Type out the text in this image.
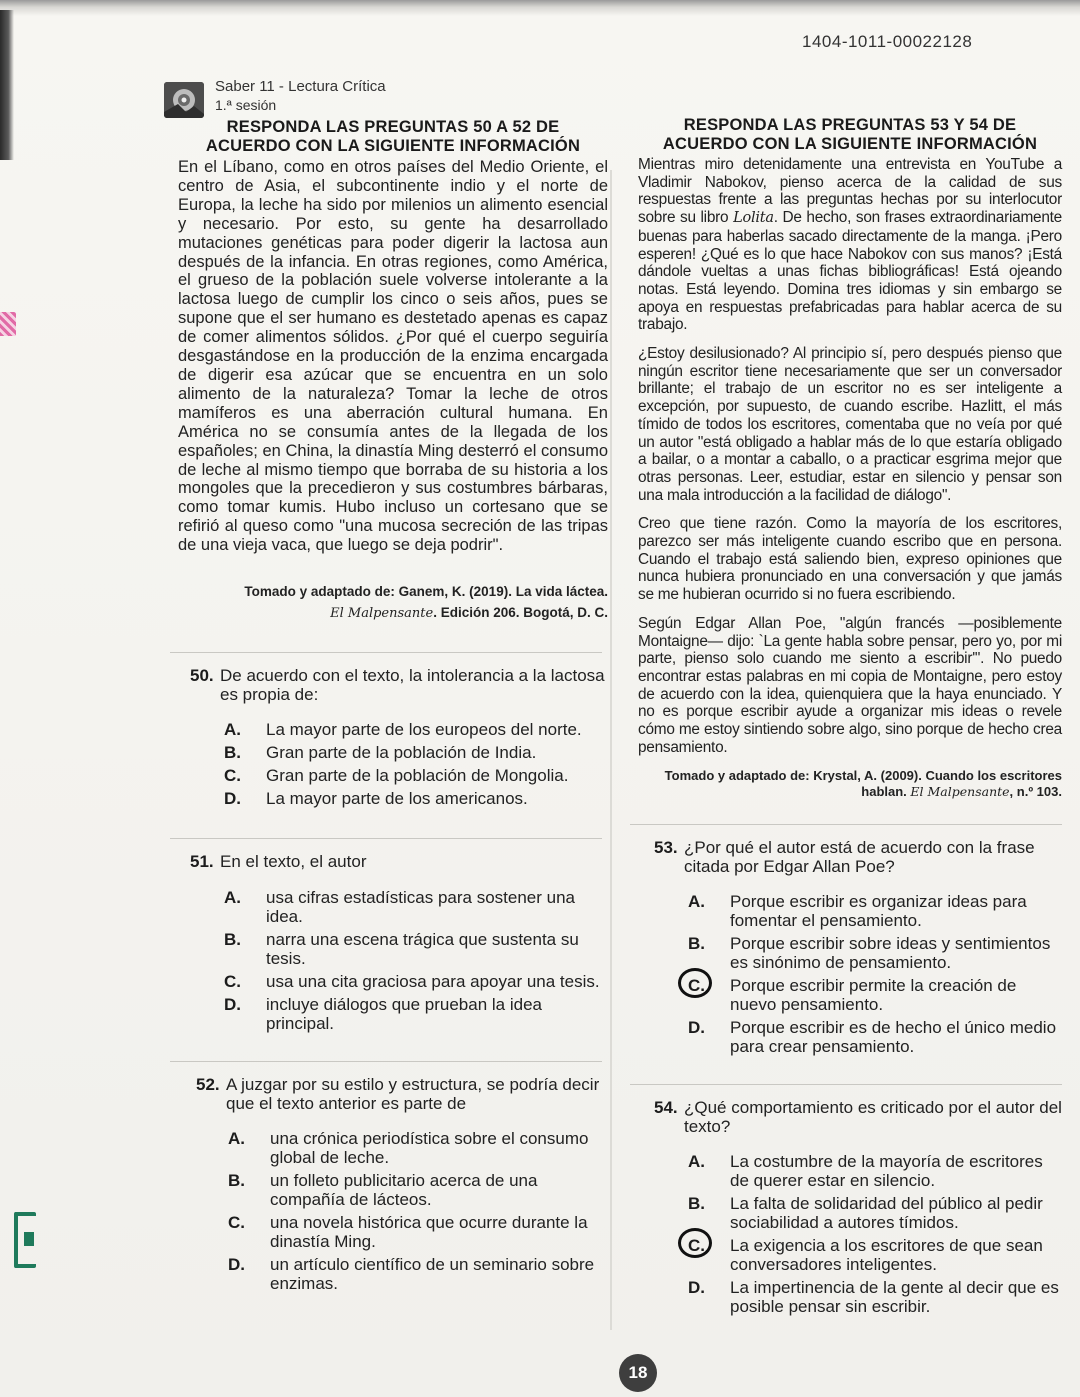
1404-1011-00022128
Saber 11 - Lectura Crítica
1.ª sesión
RESPONDA LAS PREGUNTAS 50 A 52 DE
ACUERDO CON LA SIGUIENTE INFORMACIÓN
En el Líbano, como en otros países del Medio Oriente, el centro de Asia, el subcontinente indio y el norte de Europa, la leche ha sido por milenios un alimento esencial y necesario. Por esto, su gente ha desarrollado mutaciones genéticas para poder digerir la lactosa aun después de la infancia. En otras regiones, como América, el grueso de la población suele volverse intolerante a la lactosa luego de cumplir los cinco o seis años, pues se supone que el ser humano es destetado apenas es capaz de comer alimentos sólidos. ¿Por qué el cuerpo seguiría desgastándose en la producción de la enzima encargada de digerir esa azúcar que se encuentra en un solo alimento de la naturaleza? Tomar la leche de otros mamíferos es una aberración cultural humana. En América no se consumía antes de la llegada de los españoles; en China, la dinastía Ming desterró el consumo de leche al mismo tiempo que borraba de su historia a los mongoles que la precedieron y sus costumbres bárbaras, como tomar kumis. Hubo incluso un cortesano que se refirió al queso como "una mucosa secreción de las tripas de una vieja vaca, que luego se deja podrir".
Tomado y adaptado de: Ganem, K. (2019). La vida láctea.
El Malpensante. Edición 206. Bogotá, D. C.
50. De acuerdo con el texto, la intolerancia a la lactosa es propia de:
A.	La mayor parte de los europeos del norte.
B.	Gran parte de la población de India.
C.	Gran parte de la población de Mongolia.
D.	La mayor parte de los americanos.
51. En el texto, el autor
A.	usa cifras estadísticas para sostener una idea.
B.	narra una escena trágica que sustenta su tesis.
C.	usa una cita graciosa para apoyar una tesis.
D.	incluye diálogos que prueban la idea principal.
52. A juzgar por su estilo y estructura, se podría decir que el texto anterior es parte de
A.	una crónica periodística sobre el consumo global de leche.
B.	un folleto publicitario acerca de una compañía de lácteos.
C.	una novela histórica que ocurre durante la dinastía Ming.
D.	un artículo científico de un seminario sobre enzimas.
RESPONDA LAS PREGUNTAS 53 Y 54 DE
ACUERDO CON LA SIGUIENTE INFORMACIÓN

Mientras miro detenidamente una entrevista en YouTube a Vladimir Nabokov, pienso acerca de la calidad de sus respuestas frente a las preguntas hechas por su interlocutor sobre su libro Lolita. De hecho, son frases extraordinariamente buenas para haberlas sacado directamente de la manga. ¡Pero esperen! ¿Qué es lo que hace Nabokov con sus manos? ¡Está dándole vueltas a unas fichas bibliográficas! Está ojeando notas. Está leyendo. Domina tres idiomas y sin embargo se apoya en respuestas prefabricadas para hablar acerca de su trabajo.

¿Estoy desilusionado? Al principio sí, pero después pienso que ningún escritor tiene necesariamente que ser un conversador brillante; el trabajo de un escritor no es ser inteligente a excepción, por supuesto, de cuando escribe. Hazlitt, el más tímido de todos los escritores, comentaba que no veía por qué un autor "está obligado a hablar más de lo que estaría obligado a bailar, o a montar a caballo, o a practicar esgrima mejor que otras personas. Leer, estudiar, estar en silencio y pensar son una mala introducción a la facilidad de diálogo".

Creo que tiene razón. Como la mayoría de los escritores, parezco ser más inteligente cuando escribo que en persona. Cuando el trabajo está saliendo bien, expreso opiniones que nunca hubiera pronunciado en una conversación y que jamás se me hubieran ocurrido si no fuera escribiendo.

Según Edgar Allan Poe, "algún francés —posiblemente Montaigne— dijo: `La gente habla sobre pensar, pero yo, por mi parte, pienso solo cuando me siento a escribir'". No puedo encontrar estas palabras en mi copia de Montaigne, pero estoy de acuerdo con la idea, quienquiera que la haya enunciado. Y no es porque escribir ayude a organizar mis ideas o revele cómo me estoy sintiendo sobre algo, sino porque de hecho crea pensamiento.

Tomado y adaptado de: Krystal, A. (2009). Cuando los escritores
hablan. El Malpensante, n.º 103.
53. ¿Por qué el autor está de acuerdo con la frase citada por Edgar Allan Poe?
A.	Porque escribir es organizar ideas para fomentar el pensamiento.
B.	Porque escribir sobre ideas y sentimientos es sinónimo de pensamiento.
C.	Porque escribir permite la creación de nuevo pensamiento.
D.	Porque escribir es de hecho el único medio para crear pensamiento.
54. ¿Qué comportamiento es criticado por el autor del texto?
A.	La costumbre de la mayoría de escritores de querer estar en silencio.
B.	La falta de solidaridad del público al pedir sociabilidad a autores tímidos.
C.	La exigencia a los escritores de que sean conversadores inteligentes.
D.	La impertinencia de la gente al decir que es posible pensar sin escribir.
18
